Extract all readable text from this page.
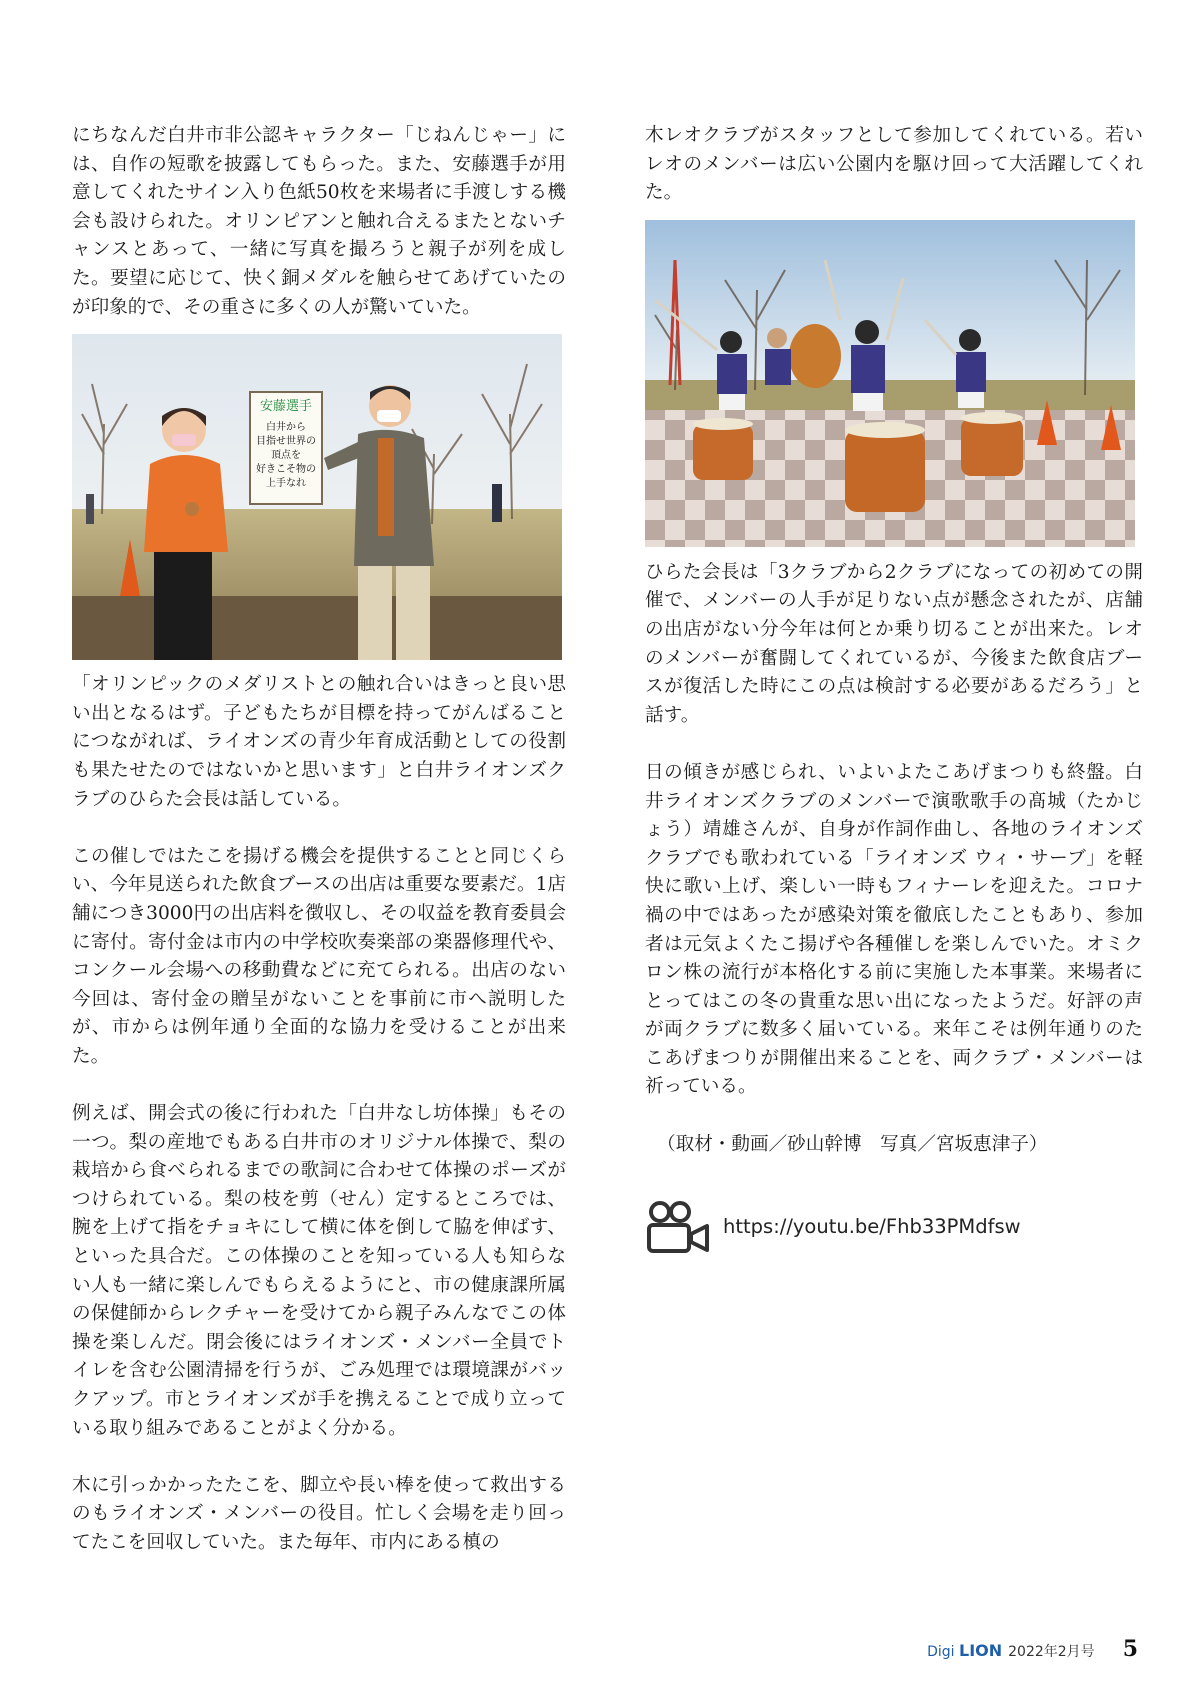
にちなんだ白井市非公認キャラクター「じねんじゃー」には、自作の短歌を披露してもらった。また、安藤選手が用意してくれたサイン入り色紙50枚を来場者に手渡しする機会も設けられた。オリンピアンと触れ合えるまたとないチャンスとあって、一緒に写真を撮ろうと親子が列を成した。要望に応じて、快く銅メダルを触らせてあげていたのが印象的で、その重さに多くの人が驚いていた。

安藤選手
白井から
目指せ世界の
頂点を
好きこそ物の
上手なれ

「オリンピックのメダリストとの触れ合いはきっと良い思い出となるはず。子どもたちが目標を持ってがんばることにつながれば、ライオンズの青少年育成活動としての役割も果たせたのではないかと思います」と白井ライオンズクラブのひらた会長は話している。

この催しではたこを揚げる機会を提供することと同じくらい、今年見送られた飲食ブースの出店は重要な要素だ。1店舗につき3000円の出店料を徴収し、その収益を教育委員会に寄付。寄付金は市内の中学校吹奏楽部の楽器修理代や、コンクール会場への移動費などに充てられる。出店のない今回は、寄付金の贈呈がないことを事前に市へ説明したが、市からは例年通り全面的な協力を受けることが出来た。

例えば、開会式の後に行われた「白井なし坊体操」もその一つ。梨の産地でもある白井市のオリジナル体操で、梨の栽培から食べられるまでの歌詞に合わせて体操のポーズがつけられている。梨の枝を剪（せん）定するところでは、腕を上げて指をチョキにして横に体を倒して脇を伸ばす、といった具合だ。この体操のことを知っている人も知らない人も一緒に楽しんでもらえるようにと、市の健康課所属の保健師からレクチャーを受けてから親子みんなでこの体操を楽しんだ。閉会後にはライオンズ・メンバー全員でトイレを含む公園清掃を行うが、ごみ処理では環境課がバックアップ。市とライオンズが手を携えることで成り立っている取り組みであることがよく分かる。

木に引っかかったたこを、脚立や長い棒を使って救出するのもライオンズ・メンバーの役目。忙しく会場を走り回ってたこを回収していた。また毎年、市内にある槙の

木レオクラブがスタッフとして参加してくれている。若いレオのメンバーは広い公園内を駆け回って大活躍してくれた。

ひらた会長は「3クラブから2クラブになっての初めての開催で、メンバーの人手が足りない点が懸念されたが、店舗の出店がない分今年は何とか乗り切ることが出来た。レオのメンバーが奮闘してくれているが、今後また飲食店ブースが復活した時にこの点は検討する必要があるだろう」と話す。

日の傾きが感じられ、いよいよたこあげまつりも終盤。白井ライオンズクラブのメンバーで演歌歌手の髙城（たかじょう）靖雄さんが、自身が作詞作曲し、各地のライオンズクラブでも歌われている「ライオンズ ウィ・サーブ」を軽快に歌い上げ、楽しい一時もフィナーレを迎えた。コロナ禍の中ではあったが感染対策を徹底したこともあり、参加者は元気よくたこ揚げや各種催しを楽しんでいた。オミクロン株の流行が本格化する前に実施した本事業。来場者にとってはこの冬の貴重な思い出になったようだ。好評の声が両クラブに数多く届いている。来年こそは例年通りのたこあげまつりが開催出来ることを、両クラブ・メンバーは祈っている。

（取材・動画／砂山幹博　写真／宮坂恵津子）

https://youtu.be/Fhb33PMdfsw
Digi LION 2022年2月号 5
